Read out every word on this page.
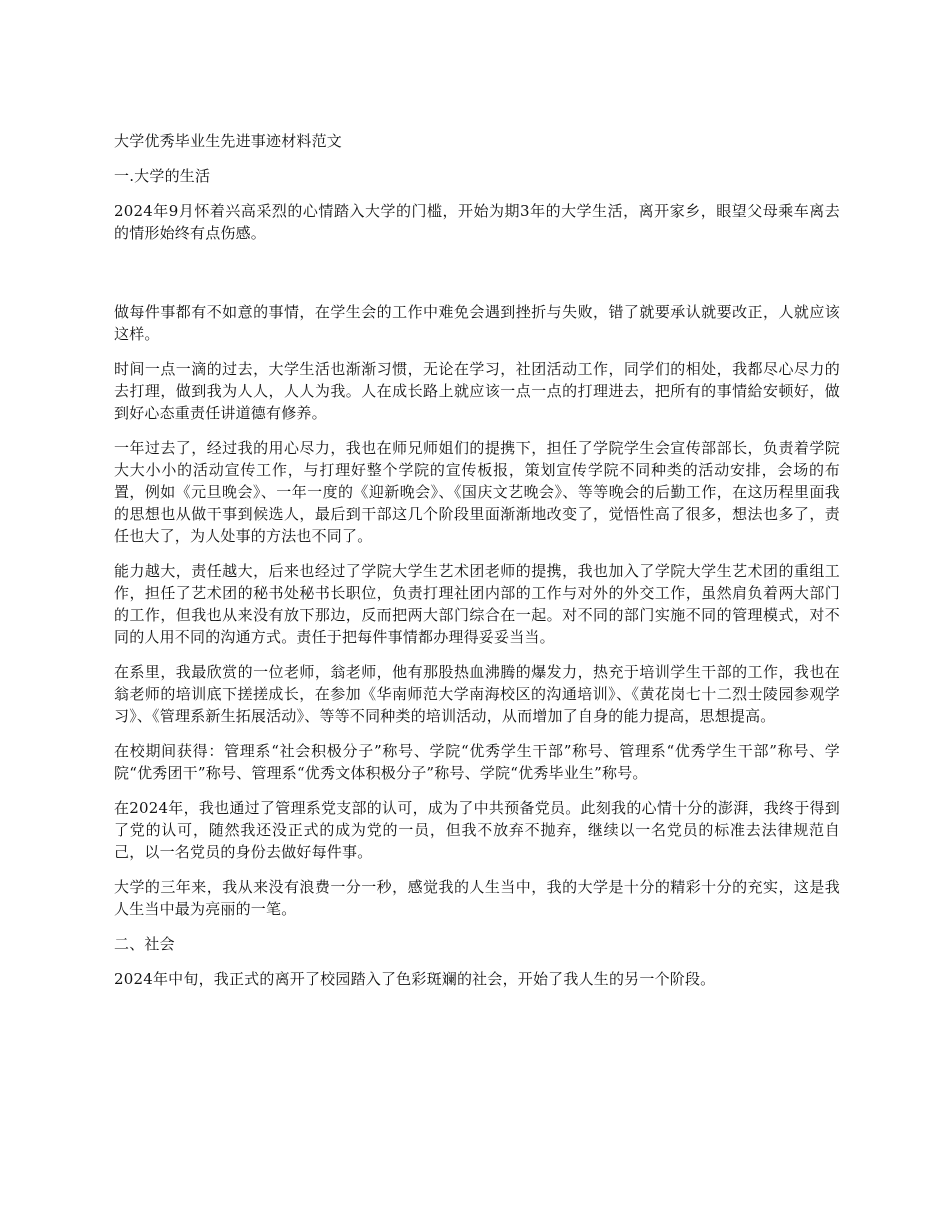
大学优秀毕业生先进事迹材料范文

一.大学的生活

2024年9月怀着兴高采烈的心情踏入大学的门槛，开始为期3年的大学生活，离开家乡，眼望父母乘车离去的情形始终有点伤感。

做每件事都有不如意的事情，在学生会的工作中难免会遇到挫折与失败，错了就要承认就要改正，人就应该这样。

时间一点一滴的过去，大学生活也渐渐习惯，无论在学习，社团活动工作，同学们的相处，我都尽心尽力的去打理，做到我为人人，人人为我。人在成长路上就应该一点一点的打理进去，把所有的事情給安顿好，做到好心态重责任讲道德有修养。

一年过去了，经过我的用心尽力，我也在师兄师姐们的提携下，担任了学院学生会宣传部部长，负责着学院大大小小的活动宣传工作，与打理好整个学院的宣传板报，策划宣传学院不同种类的活动安排，会场的布置，例如《元旦晚会》、一年一度的《迎新晚会》、《国庆文艺晚会》、等等晚会的后勤工作，在这历程里面我的思想也从做干事到候选人，最后到干部这几个阶段里面渐渐地改变了，觉悟性高了很多，想法也多了，责任也大了，为人处事的方法也不同了。

能力越大，责任越大，后来也经过了学院大学生艺术团老师的提携，我也加入了学院大学生艺术团的重组工作，担任了艺术团的秘书处秘书长职位，负责打理社团内部的工作与对外的外交工作，虽然肩负着两大部门的工作，但我也从来没有放下那边，反而把两大部门综合在一起。对不同的部门实施不同的管理模式，对不同的人用不同的沟通方式。责任于把每件事情都办理得妥妥当当。

在系里，我最欣赏的一位老师，翁老师，他有那股热血沸腾的爆发力，热充于培训学生干部的工作，我也在翁老师的培训底下搓搓成长，在参加《华南师范大学南海校区的沟通培训》、《黄花岗七十二烈士陵园参观学习》、《管理系新生拓展活动》、等等不同种类的培训活动，从而增加了自身的能力提高，思想提高。

在校期间获得：管理系“社会积极分子”称号、学院“优秀学生干部”称号、管理系“优秀学生干部”称号、学院“优秀团干”称号、管理系“优秀文体积极分子”称号、学院“优秀毕业生”称号。

在2024年，我也通过了管理系党支部的认可，成为了中共预备党员。此刻我的心情十分的澎湃，我终于得到了党的认可，随然我还没正式的成为党的一员，但我不放弃不抛弃，继续以一名党员的标准去法律规范自己，以一名党员的身份去做好每件事。

大学的三年来，我从来没有浪费一分一秒，感觉我的人生当中，我的大学是十分的精彩十分的充实，这是我人生当中最为亮丽的一笔。

二、社会

2024年中旬，我正式的离开了校园踏入了色彩斑斓的社会，开始了我人生的另一个阶段。
